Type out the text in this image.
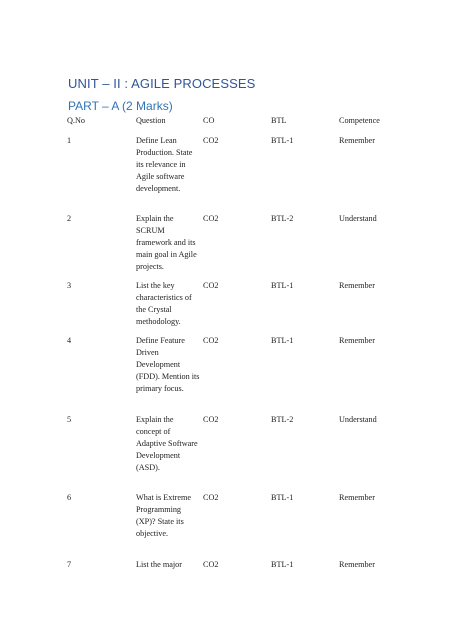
UNIT – II : AGILE PROCESSES
PART – A (2 Marks)
Q.No	Question	CO	BTL	Competence
1	Define Lean Production. State its relevance in Agile software development.	CO2	BTL-1	Remember
2	Explain the SCRUM framework and its main goal in Agile projects.	CO2	BTL-2	Understand
3	List the key characteristics of the Crystal methodology.	CO2	BTL-1	Remember
4	Define Feature Driven Development (FDD). Mention its primary focus.	CO2	BTL-1	Remember
5	Explain the concept of Adaptive Software Development (ASD).	CO2	BTL-2	Understand
6	What is Extreme Programming (XP)? State its objective.	CO2	BTL-1	Remember
7	List the major	CO2	BTL-1	Remember
